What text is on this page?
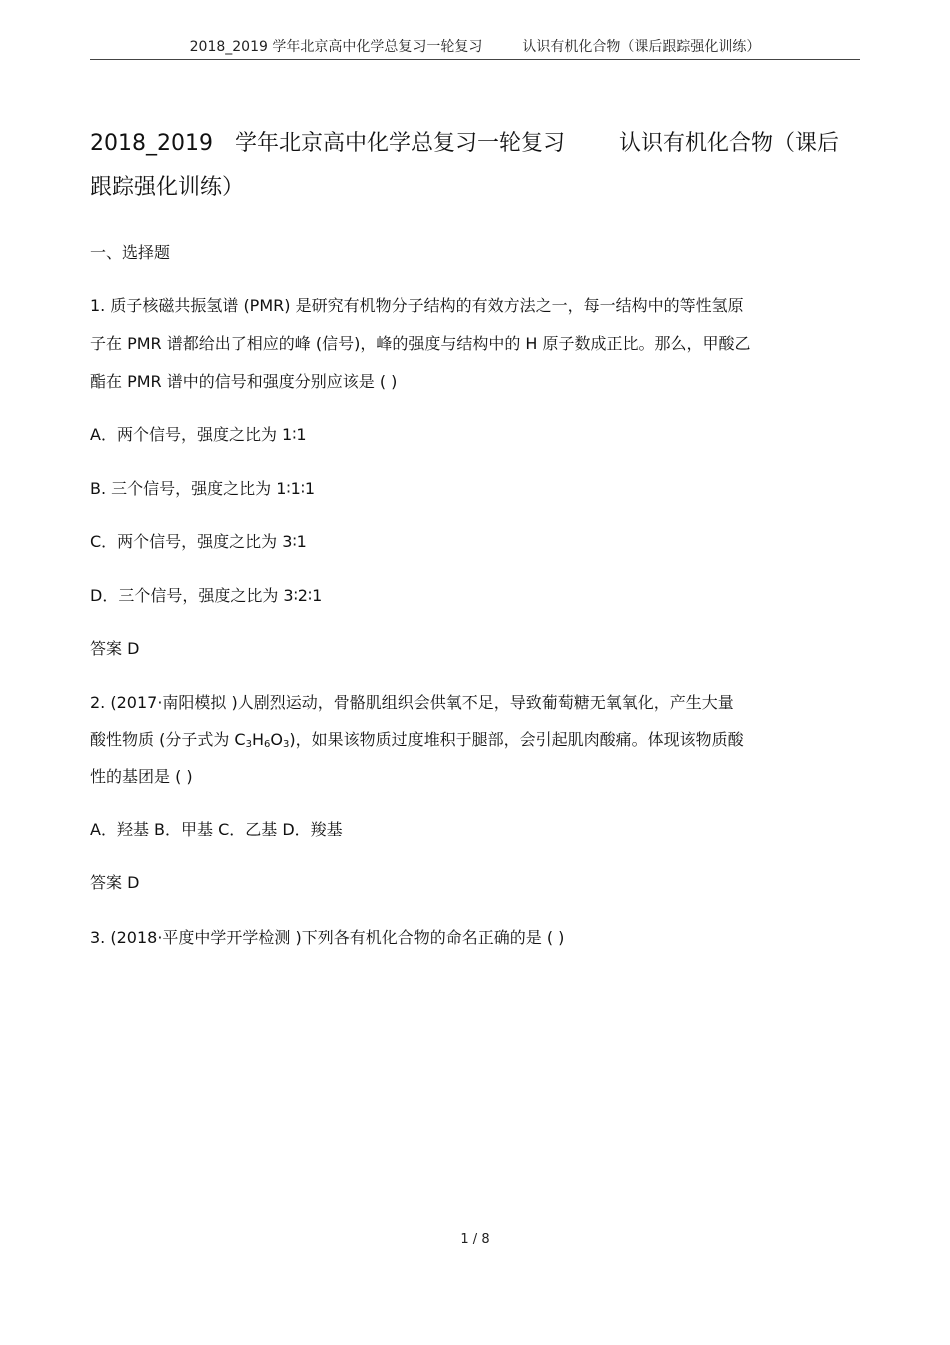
2018_2019 学年北京高中化学总复习一轮复习	认识有机化合物（课后跟踪强化训练）
2018_2019　学年北京高中化学总复习一轮复习 认识有机化合物（课后跟踪强化训练）
一、选择题
1. 质子核磁共振氢谱 (PMR) 是研究有机物分子结构的有效方法之一，每一结构中的等性氢原
子在 PMR 谱都给出了相应的峰 (信号)，峰的强度与结构中的 H 原子数成正比。那么，甲酸乙
酯在 PMR 谱中的信号和强度分别应该是 ( )
A．两个信号，强度之比为 1∶1
B. 三个信号，强度之比为 1∶1∶1
C．两个信号，强度之比为 3∶1
D．三个信号，强度之比为 3∶2∶1
答案 D
2. (2017·南阳模拟 )人剧烈运动，骨骼肌组织会供氧不足，导致葡萄糖无氧氧化，产生大量
酸性物质 (分子式为 $C_3H_6O_3$)，如果该物质过度堆积于腿部，会引起肌肉酸痛。体现该物质酸
性的基团是 ( )
A．羟基 B．甲基 C．乙基 D．羧基
答案 D
3. (2018·平度中学开学检测 )下列各有机化合物的命名正确的是 ( )
1 / 8
